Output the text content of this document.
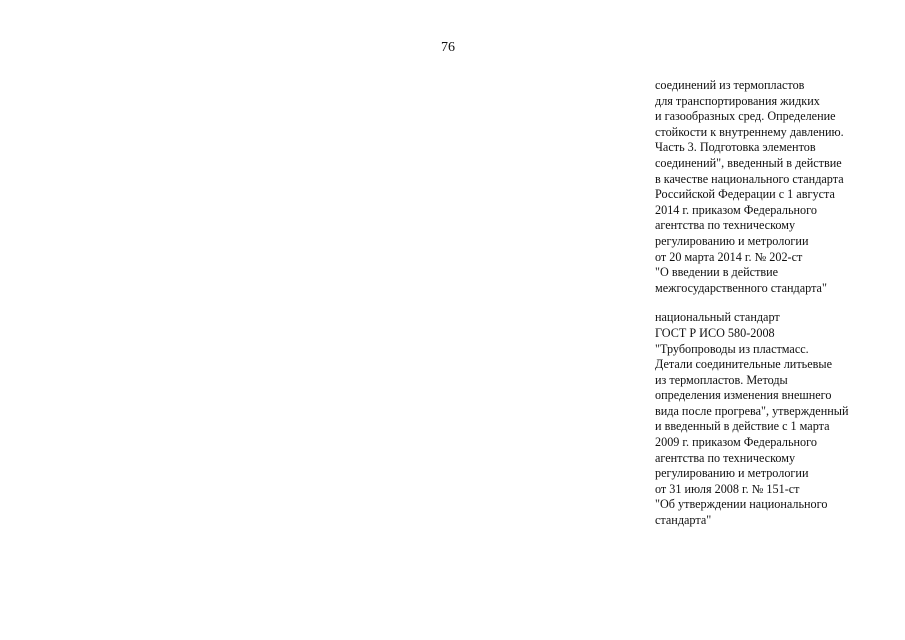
76
соединений из термопластов
для транспортирования жидких
и газообразных сред. Определение
стойкости к внутреннему давлению.
Часть 3. Подготовка элементов
соединений", введенный в действие
в качестве национального стандарта
Российской Федерации с 1 августа
2014 г. приказом Федерального
агентства по техническому
регулированию и метрологии
от 20 марта 2014 г. № 202-ст
"О введении в действие
межгосударственного стандарта"
национальный стандарт
ГОСТ Р ИСО 580-2008
"Трубопроводы из пластмасс.
Детали соединительные литьевые
из термопластов. Методы
определения изменения внешнего
вида после прогрева", утвержденный
и введенный в действие с 1 марта
2009 г. приказом Федерального
агентства по техническому
регулированию и метрологии
от 31 июля 2008 г. № 151-ст
"Об утверждении национального
стандарта"
